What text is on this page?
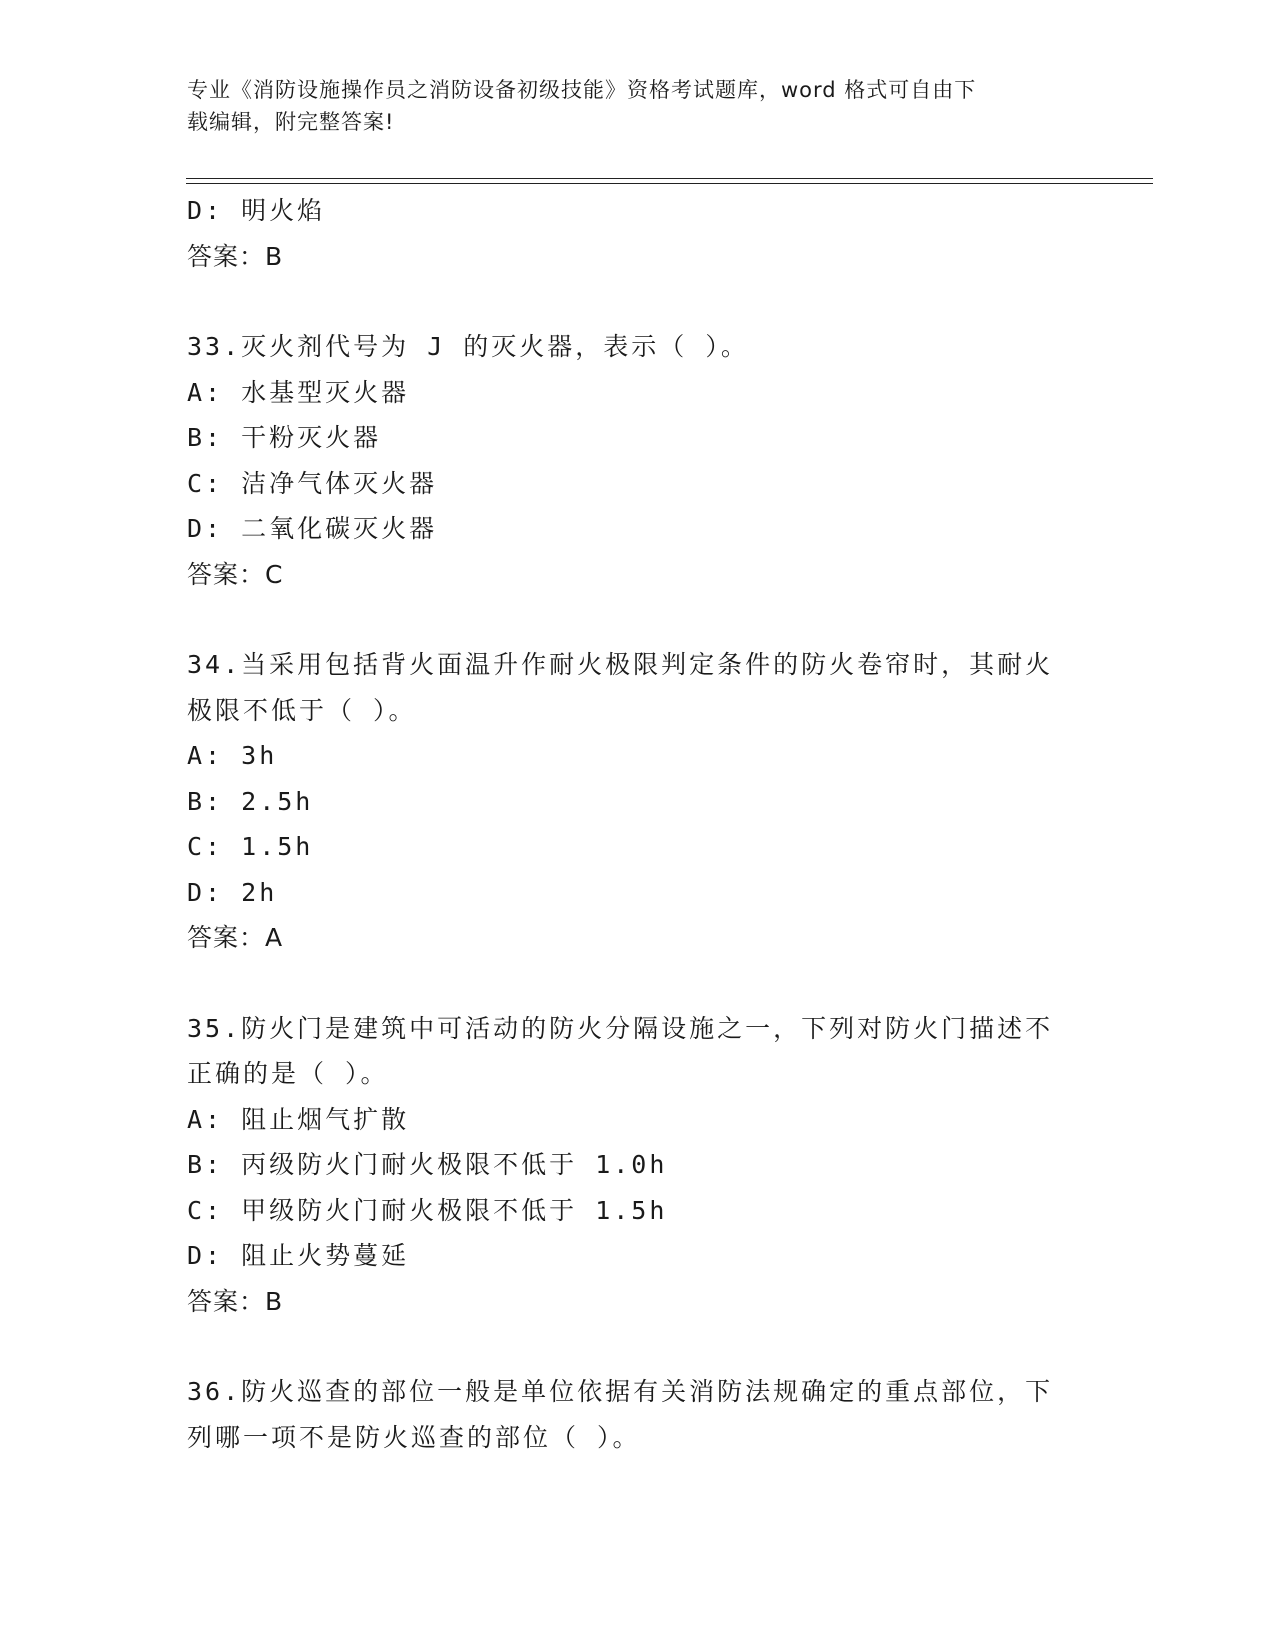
专业《消防设施操作员之消防设备初级技能》资格考试题库，word 格式可自由下
载编辑，附完整答案!
D: 明火焰
答案：B
33.灭火剂代号为 J 的灭火器，表示（ ）。
A: 水基型灭火器
B: 干粉灭火器
C: 洁净气体灭火器
D: 二氧化碳灭火器
答案：C
34.当采用包括背火面温升作耐火极限判定条件的防火卷帘时，其耐火
极限不低于（ ）。
A: 3h
B: 2.5h
C: 1.5h
D: 2h
答案：A
35.防火门是建筑中可活动的防火分隔设施之一，下列对防火门描述不
正确的是（ ）。
A: 阻止烟气扩散
B: 丙级防火门耐火极限不低于 1.0h
C: 甲级防火门耐火极限不低于 1.5h
D: 阻止火势蔓延
答案：B
36.防火巡查的部位一般是单位依据有关消防法规确定的重点部位，下
列哪一项不是防火巡查的部位（ ）。
